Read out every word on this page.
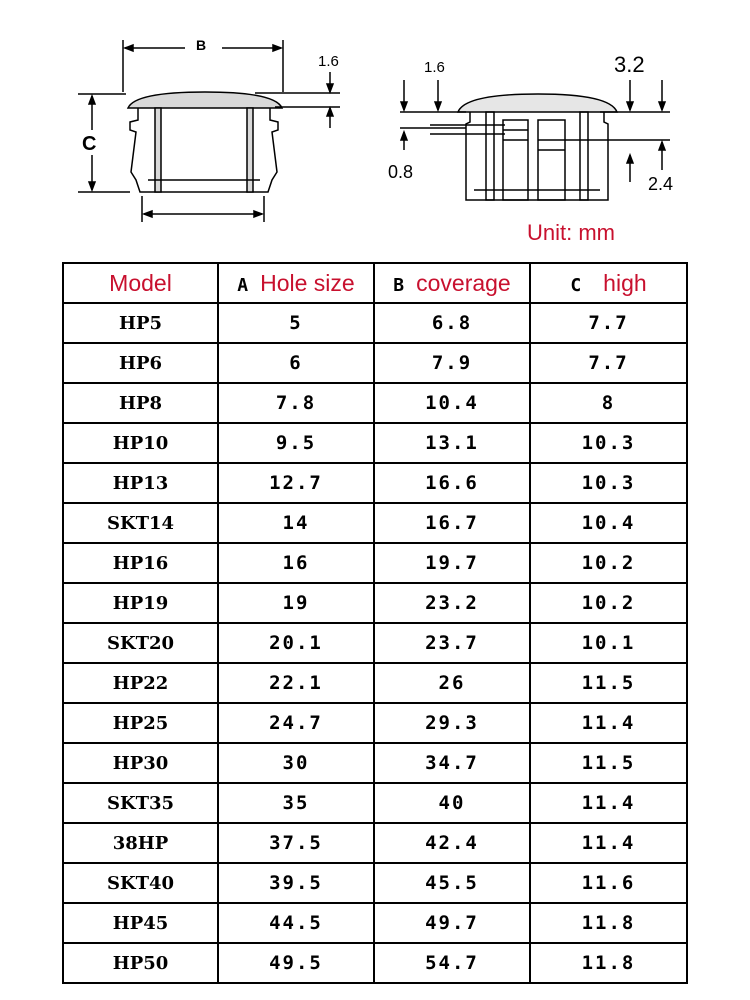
B
C
1.6	1.6	3.2
0.8
2.4
Unit: mm
Model	A Hole size	B coverage	C high
HP5	5	6.8	7.7
HP6	6	7.9	7.7
HP8	7.8	10.4	8
HP10	9.5	13.1	10.3
HP13	12.7	16.6	10.3
SKT14	14	16.7	10.4
HP16	16	19.7	10.2
HP19	19	23.2	10.2
SKT20	20.1	23.7	10.1
HP22	22.1	26	11.5
HP25	24.7	29.3	11.4
HP30	30	34.7	11.5
SKT35	35	40	11.4
38HP	37.5	42.4	11.4
SKT40	39.5	45.5	11.6
HP45	44.5	49.7	11.8
HP50	49.5	54.7	11.8
